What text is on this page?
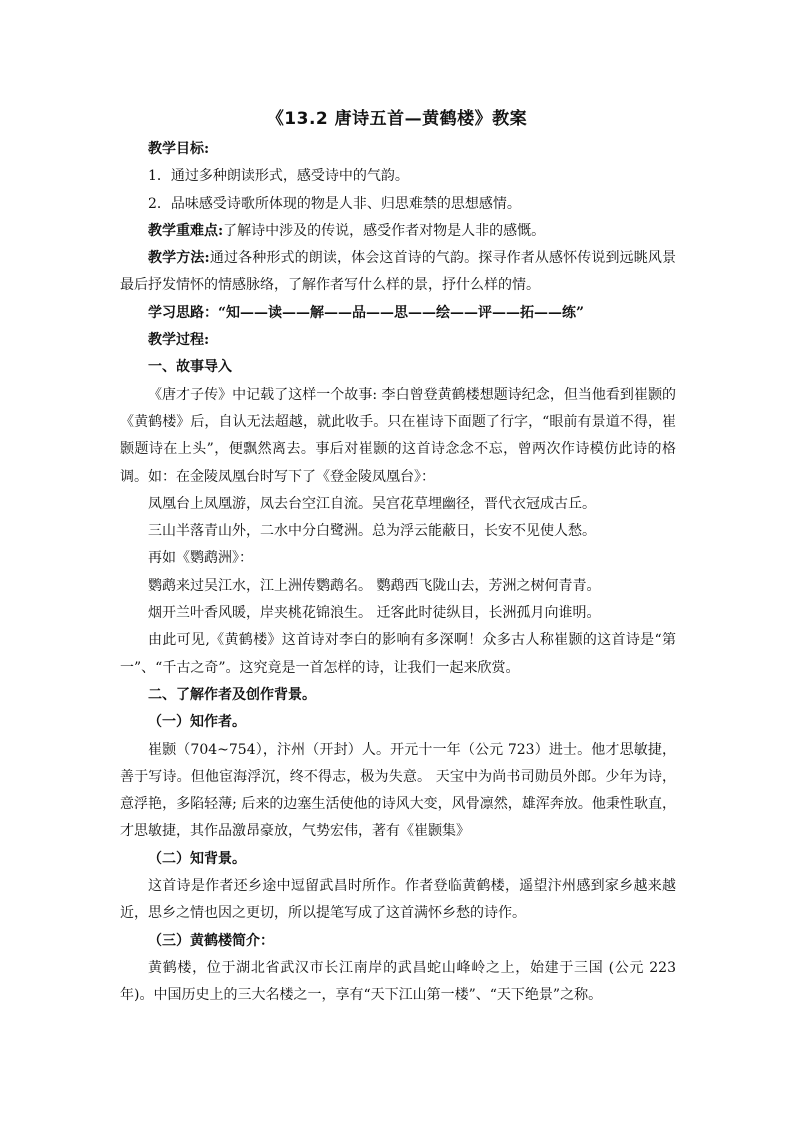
《13.2 唐诗五首—黄鹤楼》教案

教学目标:

1．通过多种朗读形式，感受诗中的气韵。

2．品味感受诗歌所体现的物是人非、归思难禁的思想感情。

教学重难点:了解诗中涉及的传说，感受作者对物是人非的感慨。

教学方法:通过各种形式的朗读，体会这首诗的气韵。探寻作者从感怀传说到远眺风景最后抒发情怀的情感脉络，了解作者写什么样的景，抒什么样的情。

学习思路：“知——读——解——品——思——绘——评——拓——练”

教学过程:

一、故事导入

《唐才子传》中记载了这样一个故事: 李白曾登黄鹤楼想题诗纪念，但当他看到崔颢的《黄鹤楼》后，自认无法超越，就此收手。只在崔诗下面题了行字，“眼前有景道不得，崔颢题诗在上头”，便飘然离去。事后对崔颢的这首诗念念不忘，曾两次作诗模仿此诗的格调。如：在金陵凤凰台时写下了《登金陵凤凰台》：

凤凰台上凤凰游，凤去台空江自流。吴宫花草埋幽径，晋代衣冠成古丘。

三山半落青山外，二水中分白鹭洲。总为浮云能蔽日，长安不见使人愁。

再如《鹦鹉洲》：

鹦鹉来过吴江水，江上洲传鹦鹉名。 鹦鹉西飞陇山去，芳洲之树何青青。

烟开兰叶香风暖，岸夹桃花锦浪生。 迁客此时徒纵目，长洲孤月向谁明。

由此可见,《黄鹤楼》这首诗对李白的影响有多深啊！众多古人称崔颢的这首诗是“第一”、“千古之奇”。这究竟是一首怎样的诗，让我们一起来欣赏。

二、了解作者及创作背景。

（一）知作者。

崔颢（704~754），汴州（开封）人。开元十一年（公元 723）进士。他才思敏捷，善于写诗。但他宦海浮沉，终不得志，极为失意。 天宝中为尚书司勋员外郎。少年为诗，意浮艳，多陷轻薄; 后来的边塞生活使他的诗风大变，风骨凛然，雄浑奔放。他秉性耿直，才思敏捷，其作品激昂豪放，气势宏伟，著有《崔颢集》

（二）知背景。

这首诗是作者还乡途中逗留武昌时所作。作者登临黄鹤楼，遥望汴州感到家乡越来越近，思乡之情也因之更切，所以提笔写成了这首满怀乡愁的诗作。

（三）黄鹤楼简介：

黄鹤楼，位于湖北省武汉市长江南岸的武昌蛇山峰岭之上，始建于三国 (公元 223 年)。中国历史上的三大名楼之一，享有“天下江山第一楼”、“天下绝景”之称。
